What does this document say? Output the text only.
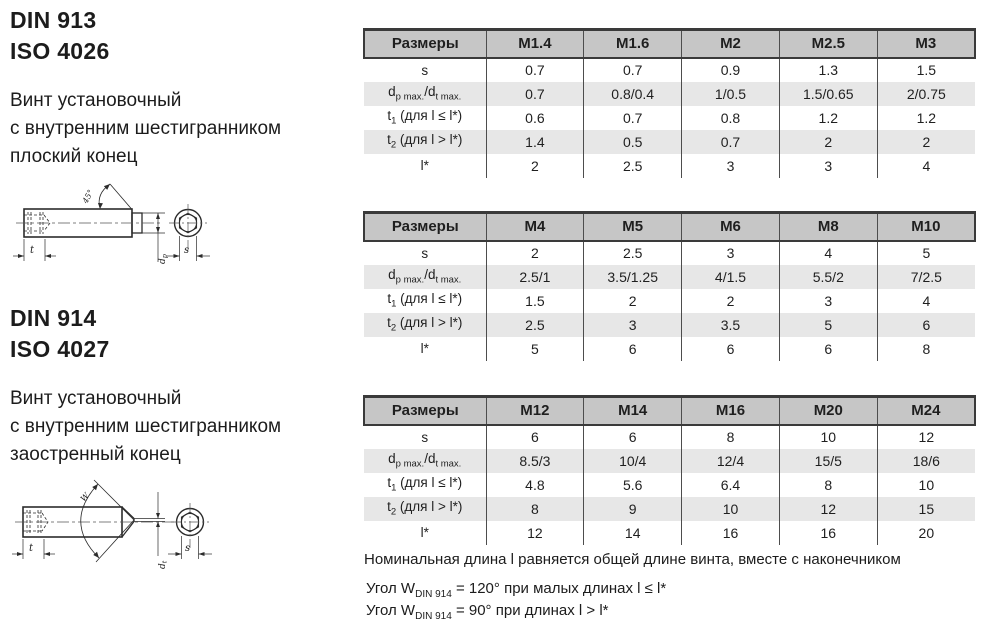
DIN 913
ISO 4026
Винт установочный
с внутренним шестигранником
плоский конец
45°
t
dp
s
DIN 914
ISO 4027
Винт установочный
с внутренним шестигранником
заостренный конец
W
t
dt
s
Размеры	M1.4	M1.6	M2	M2.5	M3
s	0.7	0.7	0.9	1.3	1.5
$d_{p max.}/d_{t max.}$	0.7	0.8/0.4	1/0.5	1.5/0.65	2/0.75
$t_1$ (для l ≤ l*)	0.6	0.7	0.8	1.2	1.2
$t_2$ (для l > l*)	1.4	0.5	0.7	2	2
l*	2	2.5	3	3	4
Размеры	M4	M5	M6	M8	M10
s	2	2.5	3	4	5
$d_{p max.}/d_{t max.}$	2.5/1	3.5/1.25	4/1.5	5.5/2	7/2.5
$t_1$ (для l ≤ l*)	1.5	2	2	3	4
$t_2$ (для l > l*)	2.5	3	3.5	5	6
l*	5	6	6	6	8
Размеры	M12	M14	M16	M20	M24
s	6	6	8	10	12
$d_{p max.}/d_{t max.}$	8.5/3	10/4	12/4	15/5	18/6
$t_1$ (для l ≤ l*)	4.8	5.6	6.4	8	10
$t_2$ (для l > l*)	8	9	10	12	15
l*	12	14	16	16	20
Номинальная длина l равняется общей длине винта, вместе с наконечником
Угол $W_{DIN 914} = 120^\circ$ при малых длинах l ≤ l*
Угол $W_{DIN 914} = 90^\circ$ при длинах l > l*
